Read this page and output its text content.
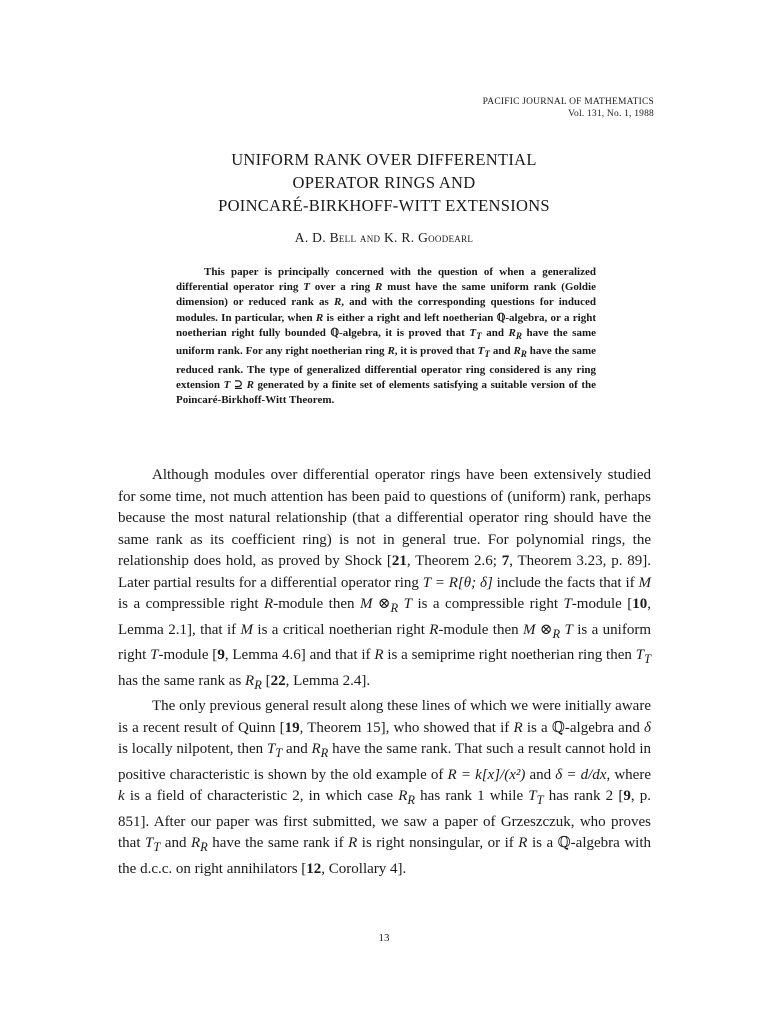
PACIFIC JOURNAL OF MATHEMATICS
Vol. 131, No. 1, 1988
UNIFORM RANK OVER DIFFERENTIAL
OPERATOR RINGS AND
POINCARÉ-BIRKHOFF-WITT EXTENSIONS
A. D. Bell and K. R. Goodearl
This paper is principally concerned with the question of when a generalized differential operator ring T over a ring R must have the same uniform rank (Goldie dimension) or reduced rank as R, and with the corresponding questions for induced modules. In particular, when R is either a right and left noetherian ℚ-algebra, or a right noetherian right fully bounded ℚ-algebra, it is proved that $T_T$ and $R_R$ have the same uniform rank. For any right noetherian ring R, it is proved that $T_T$ and $R_R$ have the same reduced rank. The type of generalized differential operator ring considered is any ring extension T ⊇ R generated by a finite set of elements satisfying a suitable version of the Poincaré-Birkhoff-Witt Theorem.

Although modules over differential operator rings have been extensively studied for some time, not much attention has been paid to questions of (uniform) rank, perhaps because the most natural relationship (that a differential operator ring should have the same rank as its coefficient ring) is not in general true. For polynomial rings, the relationship does hold, as proved by Shock [21, Theorem 2.6; 7, Theorem 3.23, p. 89]. Later partial results for a differential operator ring T = R[θ; δ] include the facts that if M is a compressible right R-module then M $\otimes_R$ T is a compressible right T-module [10, Lemma 2.1], that if M is a critical noetherian right R-module then M $\otimes_R$ T is a uniform right T-module [9, Lemma 4.6] and that if R is a semiprime right noetherian ring then $T_T$ has the same rank as $R_R$ [22, Lemma 2.4].

The only previous general result along these lines of which we were initially aware is a recent result of Quinn [19, Theorem 15], who showed that if R is a ℚ-algebra and δ is locally nilpotent, then $T_T$ and $R_R$ have the same rank. That such a result cannot hold in positive characteristic is shown by the old example of R = k[x]/(x²) and δ = d/dx, where k is a field of characteristic 2, in which case $R_R$ has rank 1 while $T_T$ has rank 2 [9, p. 851]. After our paper was first submitted, we saw a paper of Grzeszczuk, who proves that $T_T$ and $R_R$ have the same rank if R is right nonsingular, or if R is a ℚ-algebra with the d.c.c. on right annihilators [12, Corollary 4].

13
